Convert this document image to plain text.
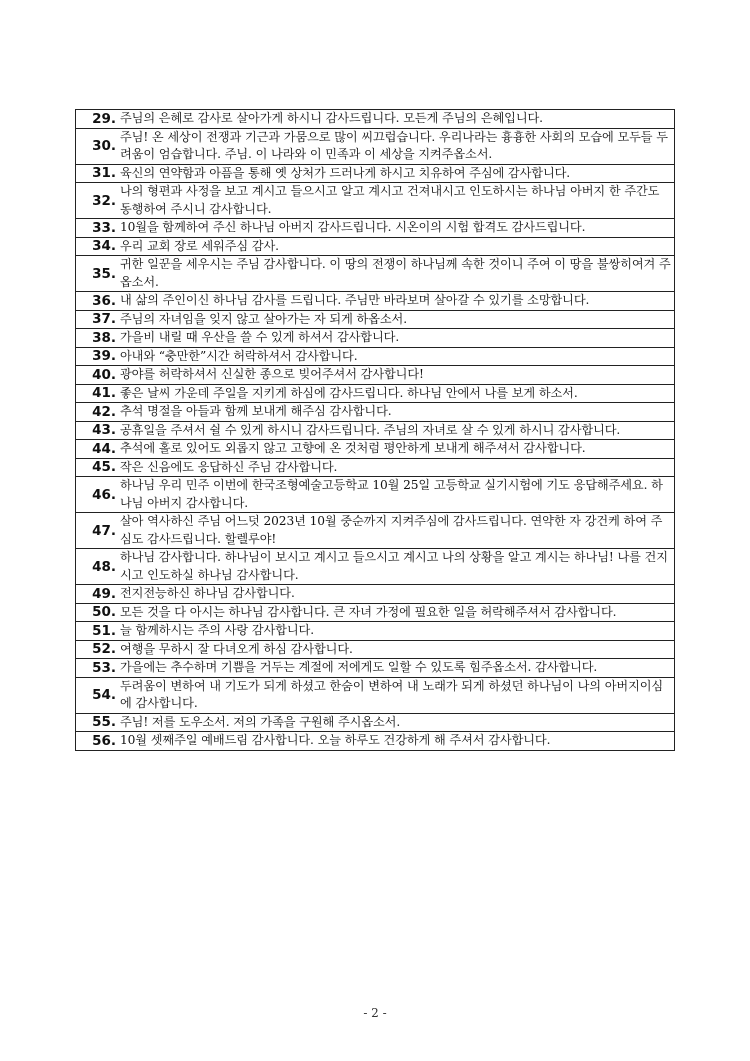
29.	주님의 은혜로 감사로 살아가게 하시니 감사드립니다. 모든게 주님의 은혜입니다.
30.	주님! 온 세상이 전쟁과 기근과 가뭄으로 많이 씨끄럽습니다. 우리나라는 흉흉한 사회의 모습에 모두들 두려움이 엄습합니다. 주님. 이 나라와 이 민족과 이 세상을 지켜주옵소서.
31.	육신의 연약함과 아픔을 통해 옛 상처가 드러나게 하시고 치유하여 주심에 감사합니다.
32.	나의 형편과 사정을 보고 계시고 들으시고 알고 계시고 건져내시고 인도하시는 하나님 아버지 한 주간도 동행하여 주시니 감사합니다.
33.	10월을 함께하여 주신 하나님 아버지 감사드립니다. 시온이의 시험 합격도 감사드립니다.
34.	우리 교회 장로 세워주심 감사.
35.	귀한 일꾼을 세우시는 주님 감사합니다. 이 땅의 전쟁이 하나님께 속한 것이니 주여 이 땅을 불쌍히여겨 주옵소서.
36.	내 삶의 주인이신 하나님 감사를 드립니다. 주님만 바라보며 살아갈 수 있기를 소망합니다.
37.	주님의 자녀임을 잊지 않고 살아가는 자 되게 하옵소서.
38.	가을비 내릴 때 우산을 쓸 수 있게 하셔서 감사합니다.
39.	아내와 “충만한”시간 허락하셔서 감사합니다.
40.	광야를 허락하셔서 신실한 종으로 빚어주셔서 감사합니다!
41.	좋은 날씨 가운데 주일을 지키게 하심에 감사드립니다. 하나님 안에서 나를 보게 하소서.
42.	추석 명절을 아들과 함께 보내게 해주심 감사합니다.
43.	공휴일을 주셔서 쉴 수 있게 하시니 감사드립니다. 주님의 자녀로 살 수 있게 하시니 감사합니다.
44.	추석에 홀로 있어도 외롭지 않고 고향에 온 것처럼 평안하게 보내게 해주셔서 감사합니다.
45.	작은 신음에도 응답하신 주님 감사합니다.
46.	하나님 우리 민주 이번에 한국조형예술고등학교 10월 25일 고등학교 실기시험에 기도 응답해주세요. 하나님 아버지 감사합니다.
47.	살아 역사하신 주님 어느덧 2023년 10월 중순까지 지켜주심에 감사드립니다. 연약한 자 강건케 하여 주심도 감사드립니다. 할렐루야!
48.	하나님 감사합니다. 하나님이 보시고 계시고 들으시고 계시고 나의 상황을 알고 계시는 하나님! 나를 건지시고 인도하실 하나님 감사합니다.
49.	전지전능하신 하나님 감사합니다.
50.	모든 것을 다 아시는 하나님 감사합니다. 큰 자녀 가정에 필요한 일을 허락해주셔서 감사합니다.
51.	늘 함께하시는 주의 사랑 감사합니다.
52.	여행을 무하시 잘 다녀오게 하심 감사합니다.
53.	가을에는 추수하며 기쁨을 거두는 계절에 저에게도 일할 수 있도록 힘주옵소서. 감사합니다.
54.	두려움이 변하여 내 기도가 되게 하셨고 한숨이 변하여 내 노래가 되게 하셨던 하나님이 나의 아버지이심에 감사합니다.
55.	주님! 저를 도우소서. 저의 가족을 구원해 주시옵소서.
56.	10월 셋째주일 예배드림 감사합니다. 오늘 하루도 건강하게 해 주셔서 감사합니다.
- 2 -
